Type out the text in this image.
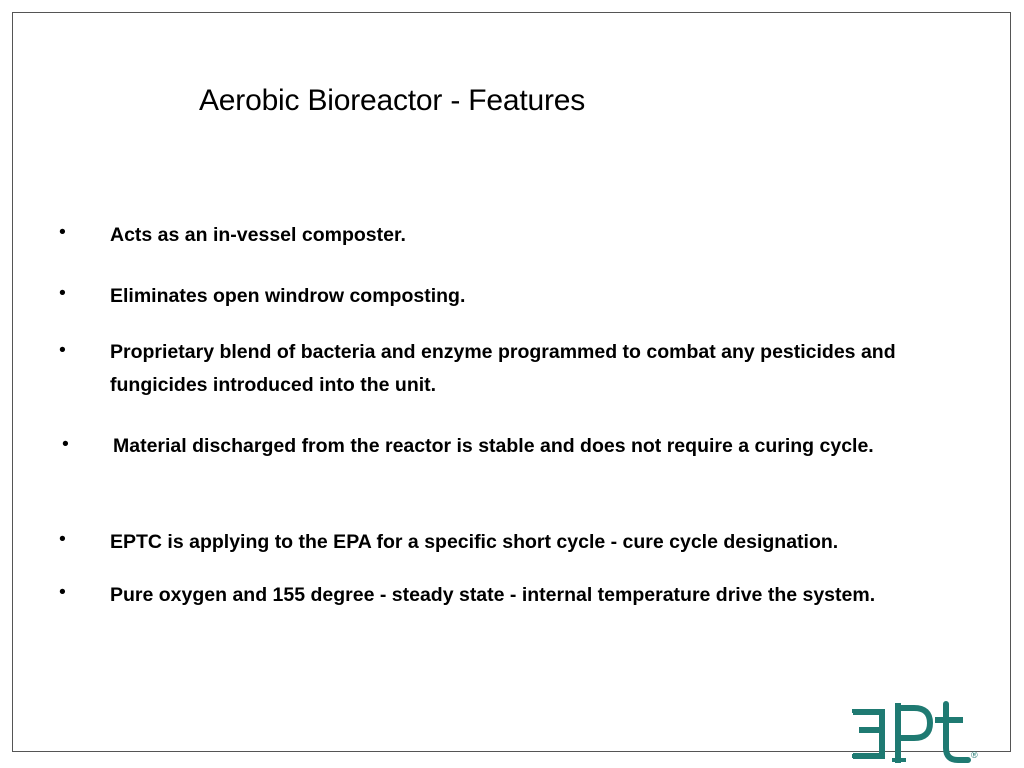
Aerobic Bioreactor - Features
• Acts as an in-vessel composter.
• Eliminates open windrow composting.
• Proprietary blend of bacteria and enzyme programmed to combat any pesticides and fungicides introduced into the unit.
• Material discharged from the reactor is stable and does not require a curing cycle.
• EPTC is applying to the EPA for a specific short cycle - cure cycle designation.
• Pure oxygen and 155 degree - steady state - internal temperature drive the system.
®
